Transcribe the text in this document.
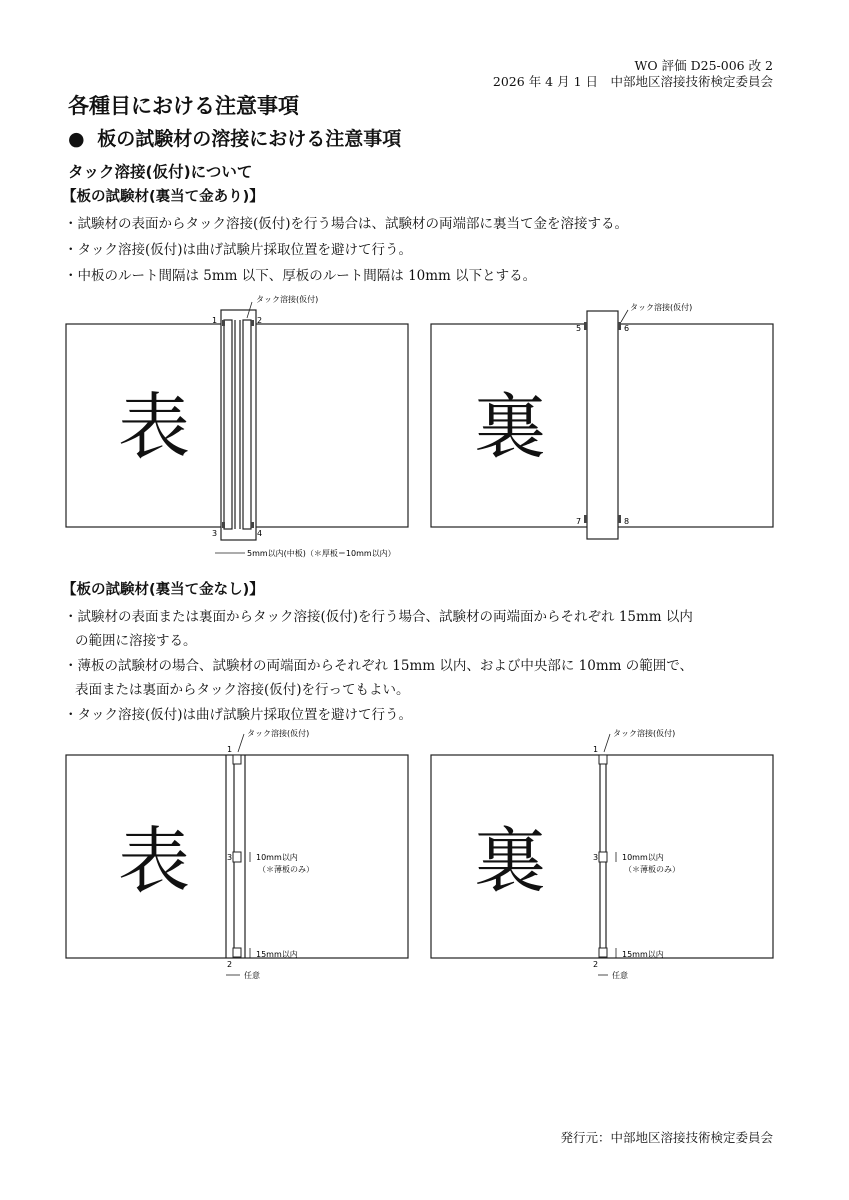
WO 評価 D25-006 改 2
2026 年 4 月 1 日　中部地区溶接技術検定委員会
各種目における注意事項
● 板の試験材の溶接における注意事項
タック溶接(仮付)について
【板の試験材(裏当て金あり)】
・試験材の表面からタック溶接(仮付)を行う場合は、試験材の両端部に裏当て金を溶接する。
・タック溶接(仮付)は曲げ試験片採取位置を避けて行う。
・中板のルート間隔は 5mm 以下、厚板のルート間隔は 10mm 以下とする。
1	2
3	4
タック溶接(仮付)
表
5mm以内(中板)（＊厚板＝10mm以内）
5	6
7	8
タック溶接(仮付)
裏
【板の試験材(裏当て金なし)】
・試験材の表面または裏面からタック溶接(仮付)を行う場合、試験材の両端面からそれぞれ 15mm 以内
の範囲に溶接する。
・薄板の試験材の場合、試験材の両端面からそれぞれ 15mm 以内、および中央部に 10mm の範囲で、
表面または裏面からタック溶接(仮付)を行ってもよい。
・タック溶接(仮付)は曲げ試験片採取位置を避けて行う。
1
3
2
タック溶接(仮付)
10mm以内
（＊薄板のみ）
15mm以内
任意
表
1
3
2
タック溶接(仮付)
10mm以内
（＊薄板のみ）
15mm以内
任意
裏
発行元：中部地区溶接技術検定委員会
